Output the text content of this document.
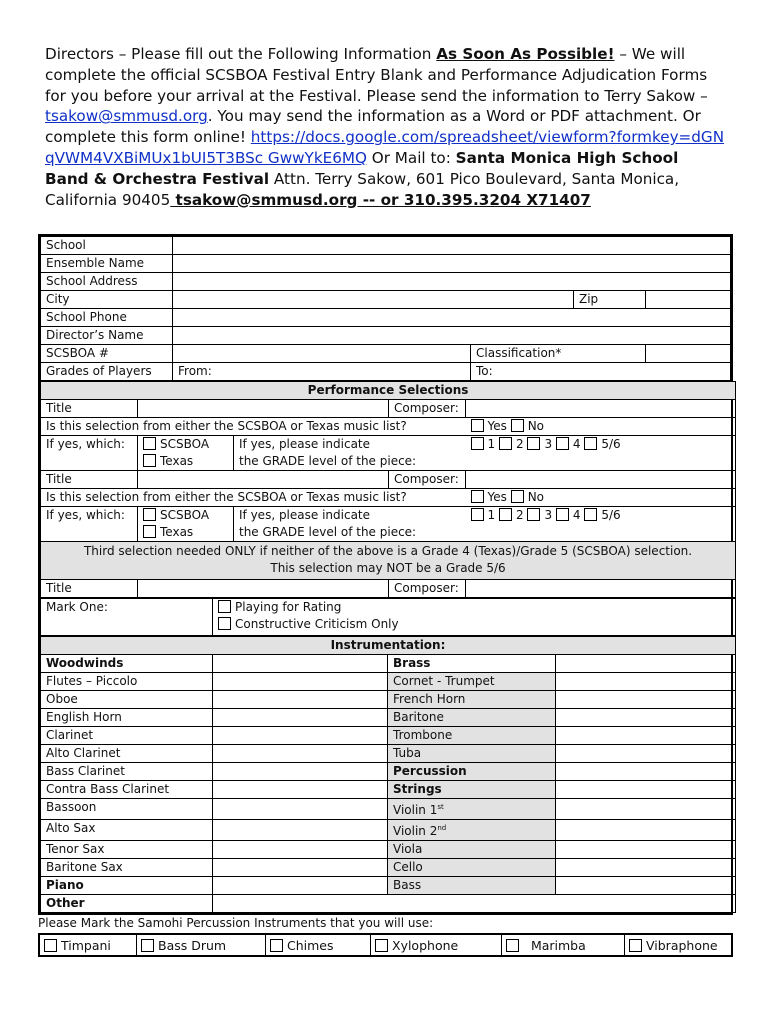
Directors – Please fill out the Following Information As Soon As Possible! – We will complete the official SCSBOA Festival Entry Blank and Performance Adjudication Forms for you before your arrival at the Festival. Please send the information to Terry Sakow – tsakow@smmusd.org. You may send the information as a Word or PDF attachment. Or complete this form online! https://docs.google.com/spreadsheet/viewform?formkey=dGNqVWM4VXBiMUx1bUI5T3BSc GwwYkE6MQ Or Mail to: Santa Monica High School Band & Orchestra Festival Attn. Terry Sakow, 601 Pico Boulevard, Santa Monica, California 90405 tsakow@smmusd.org -- or 310.395.3204 X71407

School				
Ensemble Name				
School Address				
City			Zip	
School Phone				
Director’s Name				
SCSBOA #		Classification*		
Grades of Players	From:	To:		
Performance Selections				
Title			Composer:	
Is this selection from either the SCSBOA or Texas music list?				Yes No
If yes, which:	SCSBOA	If yes, please indicate		1 2 3 4 5/6
	Texas	the GRADE level of the piece:		
Title			Composer:	
Is this selection from either the SCSBOA or Texas music list?				Yes No
If yes, which:	SCSBOA	If yes, please indicate		1 2 3 4 5/6
	Texas	the GRADE level of the piece:		

Third selection needed ONLY if neither of the above is a Grade 4 (Texas)/Grade 5 (SCSBOA) selection.
This selection may NOT be a Grade 5/6				

Title			Composer:	
Mark One:	Playing for Rating
Constructive Criticism Only
Instrumentation:			
Woodwinds		Brass	
Flutes – Piccolo		Cornet - Trumpet	
Oboe		French Horn	
English Horn		Baritone	
Clarinet		Trombone	
Alto Clarinet		Tuba	
Bass Clarinet		Percussion	
Contra Bass Clarinet		Strings	
Bassoon		Violin 1st	
Alto Sax		Violin 2nd	
Tenor Sax		Viola	
Baritone Sax		Cello	
Piano		Bass	
Other			
Please Mark the Samohi Percussion Instruments that you will use:
Timpani	Bass Drum	Chimes	Xylophone	Marimba	Vibraphone
